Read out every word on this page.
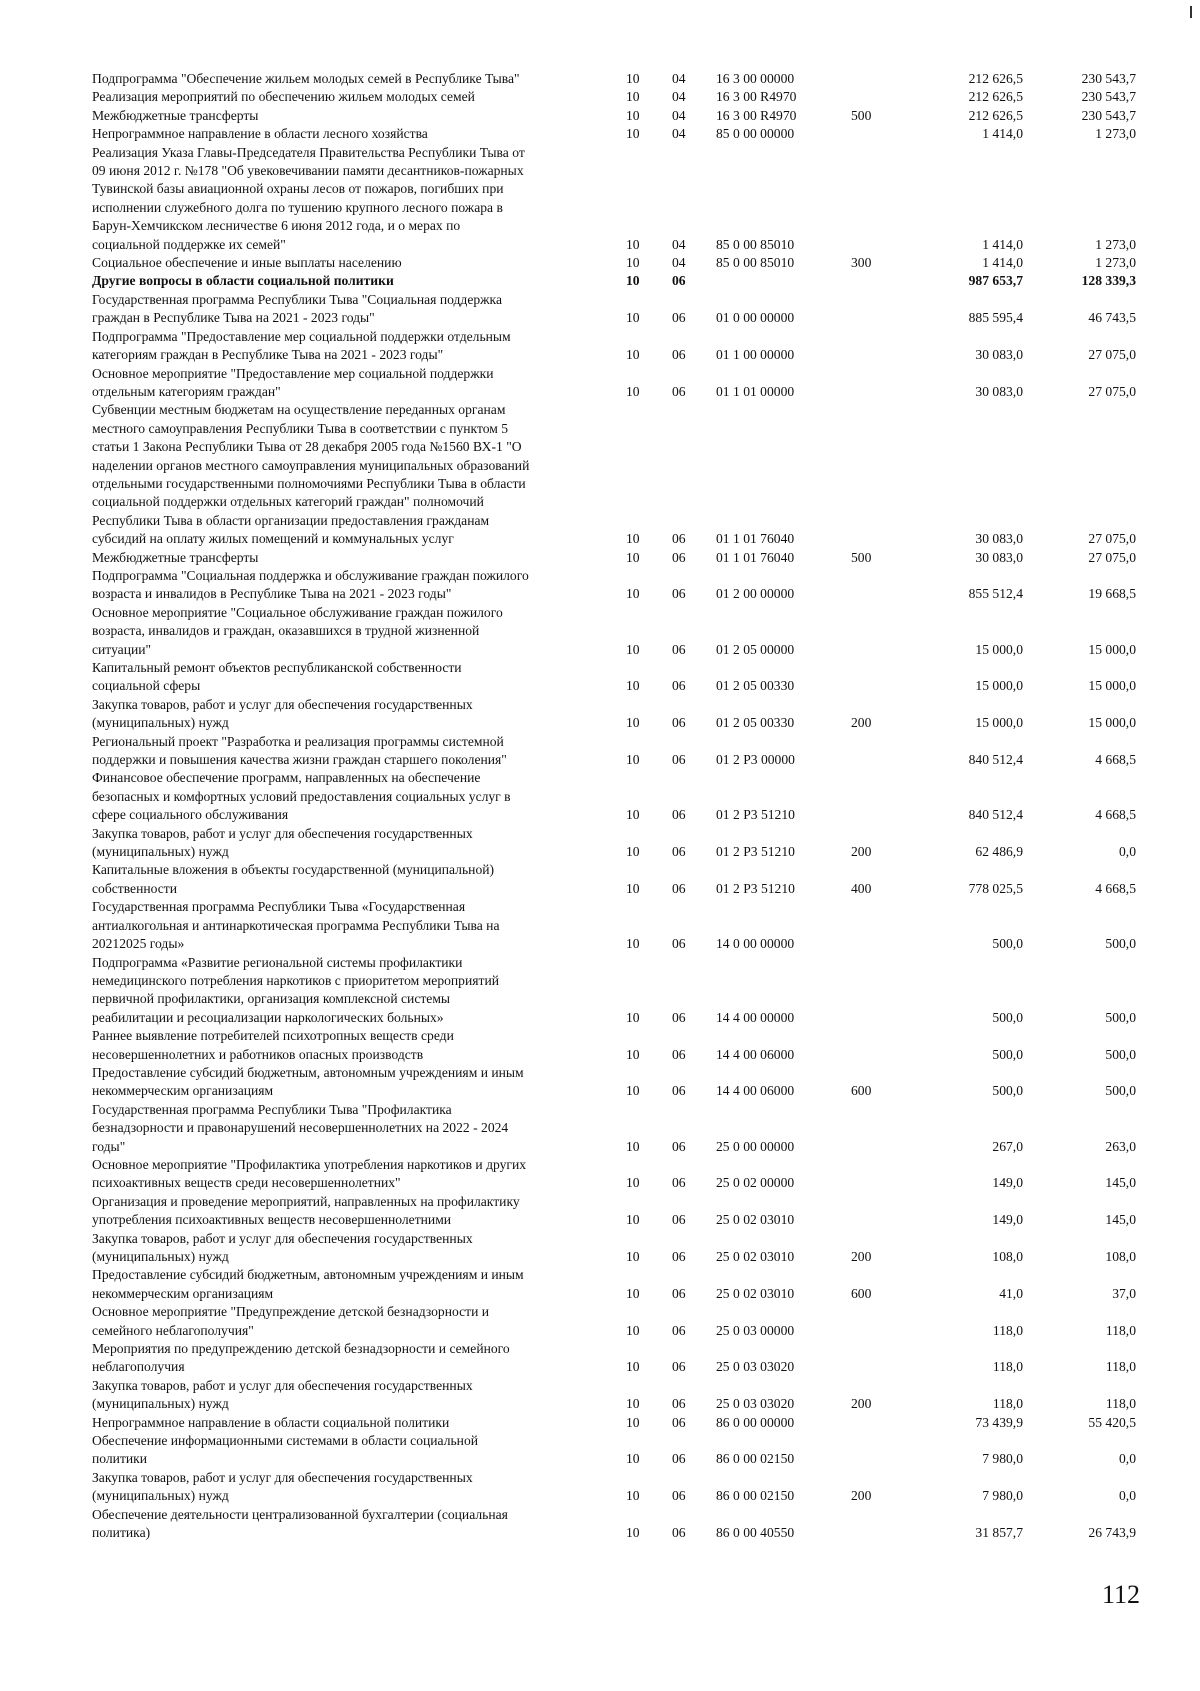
Подпрограмма "Обеспечение жильем молодых семей в Республике Тыва"	10	04	16 3 00 00000	212 626,5	230 543,7
Реализация мероприятий по обеспечению жильем молодых семей	10	04	16 3 00 R4970	212 626,5	230 543,7
Межбюджетные трансферты	10	04	16 3 00 R4970	500	212 626,5	230 543,7
Непрограммное направление в области лесного хозяйства	10	04	85 0 00 00000	1 414,0	1 273,0
Реализация Указа Главы-Председателя Правительства Республики Тыва от
09 июня 2012 г. №178 "Об увековечивании памяти десантников-пожарных
Тувинской базы авиационной охраны лесов от пожаров, погибших при
исполнении служебного долга по тушению крупного лесного пожара в
Барун-Хемчикском лесничестве 6 июня 2012 года, и о мерах по
социальной поддержке их семей"	10	04	85 0 00 85010	1 414,0	1 273,0
Социальное обеспечение и иные выплаты населению	10	04	85 0 00 85010	300	1 414,0	1 273,0
Другие вопросы в области социальной политики	10	06	987 653,7	128 339,3
Государственная программа Республики Тыва "Социальная поддержка
граждан в Республике Тыва на 2021 - 2023 годы"	10	06	01 0 00 00000	885 595,4	46 743,5
Подпрограмма "Предоставление мер социальной поддержки отдельным
категориям граждан в Республике Тыва на 2021 - 2023 годы"	10	06	01 1 00 00000	30 083,0	27 075,0
Основное мероприятие "Предоставление мер социальной поддержки
отдельным категориям граждан"	10	06	01 1 01 00000	30 083,0	27 075,0
Субвенции местным бюджетам на осуществление переданных органам
местного самоуправления Республики Тыва в соответствии с пунктом 5
статьи 1 Закона Республики Тыва от 28 декабря 2005 года №1560 ВХ-1 "О
наделении органов местного самоуправления муниципальных образований
отдельными государственными полномочиями Республики Тыва в области
социальной поддержки отдельных категорий граждан" полномочий
Республики Тыва в области организации предоставления гражданам
субсидий на оплату жилых помещений и коммунальных услуг	10	06	01 1 01 76040	30 083,0	27 075,0
Межбюджетные трансферты	10	06	01 1 01 76040	500	30 083,0	27 075,0
Подпрограмма "Социальная поддержка и обслуживание граждан пожилого
возраста и инвалидов в Республике Тыва на 2021 - 2023 годы"	10	06	01 2 00 00000	855 512,4	19 668,5
Основное мероприятие "Социальное обслуживание граждан пожилого
возраста, инвалидов и граждан, оказавшихся в трудной жизненной
ситуации"	10	06	01 2 05 00000	15 000,0	15 000,0
Капитальный ремонт объектов республиканской собственности
социальной сферы	10	06	01 2 05 00330	15 000,0	15 000,0
Закупка товаров, работ и услуг для обеспечения государственных
(муниципальных) нужд	10	06	01 2 05 00330	200	15 000,0	15 000,0
Региональный проект "Разработка и реализация программы системной
поддержки и повышения качества жизни граждан старшего поколения"	10	06	01 2 P3 00000	840 512,4	4 668,5
Финансовое обеспечение программ, направленных на обеспечение
безопасных и комфортных условий предоставления социальных услуг в
сфере социального обслуживания	10	06	01 2 P3 51210	840 512,4	4 668,5
Закупка товаров, работ и услуг для обеспечения государственных
(муниципальных) нужд	10	06	01 2 P3 51210	200	62 486,9	0,0
Капитальные вложения в объекты государственной (муниципальной)
собственности	10	06	01 2 P3 51210	400	778 025,5	4 668,5
Государственная программа Республики Тыва «Государственная
антиалкогольная и антинаркотическая программа Республики Тыва на
20212025 годы»	10	06	14 0 00 00000	500,0	500,0
Подпрограмма «Развитие региональной системы профилактики
немедицинского потребления наркотиков с приоритетом мероприятий
первичной профилактики, организация комплексной системы
реабилитации и ресоциализации наркологических больных»	10	06	14 4 00 00000	500,0	500,0
Раннее выявление потребителей психотропных веществ среди
несовершеннолетних и работников опасных производств	10	06	14 4 00 06000	500,0	500,0
Предоставление субсидий бюджетным, автономным учреждениям и иным
некоммерческим организациям	10	06	14 4 00 06000	600	500,0	500,0
Государственная программа Республики Тыва "Профилактика
безнадзорности и правонарушений несовершеннолетних на 2022 - 2024
годы"	10	06	25 0 00 00000	267,0	263,0
Основное мероприятие "Профилактика употребления наркотиков и других
психоактивных веществ среди несовершеннолетних"	10	06	25 0 02 00000	149,0	145,0
Организация и проведение мероприятий, направленных на профилактику
употребления психоактивных веществ несовершеннолетними	10	06	25 0 02 03010	149,0	145,0
Закупка товаров, работ и услуг для обеспечения государственных
(муниципальных) нужд	10	06	25 0 02 03010	200	108,0	108,0
Предоставление субсидий бюджетным, автономным учреждениям и иным
некоммерческим организациям	10	06	25 0 02 03010	600	41,0	37,0
Основное мероприятие "Предупреждение детской безнадзорности и
семейного неблагополучия"	10	06	25 0 03 00000	118,0	118,0
Мероприятия по предупреждению детской безнадзорности и семейного
неблагополучия	10	06	25 0 03 03020	118,0	118,0
Закупка товаров, работ и услуг для обеспечения государственных
(муниципальных) нужд	10	06	25 0 03 03020	200	118,0	118,0
Непрограммное направление в области социальной политики	10	06	86 0 00 00000	73 439,9	55 420,5
Обеспечение информационными системами в области социальной
политики	10	06	86 0 00 02150	7 980,0	0,0
Закупка товаров, работ и услуг для обеспечения государственных
(муниципальных) нужд	10	06	86 0 00 02150	200	7 980,0	0,0
Обеспечение деятельности централизованной бухгалтерии (социальная
политика)	10	06	86 0 00 40550	31 857,7	26 743,9
112
